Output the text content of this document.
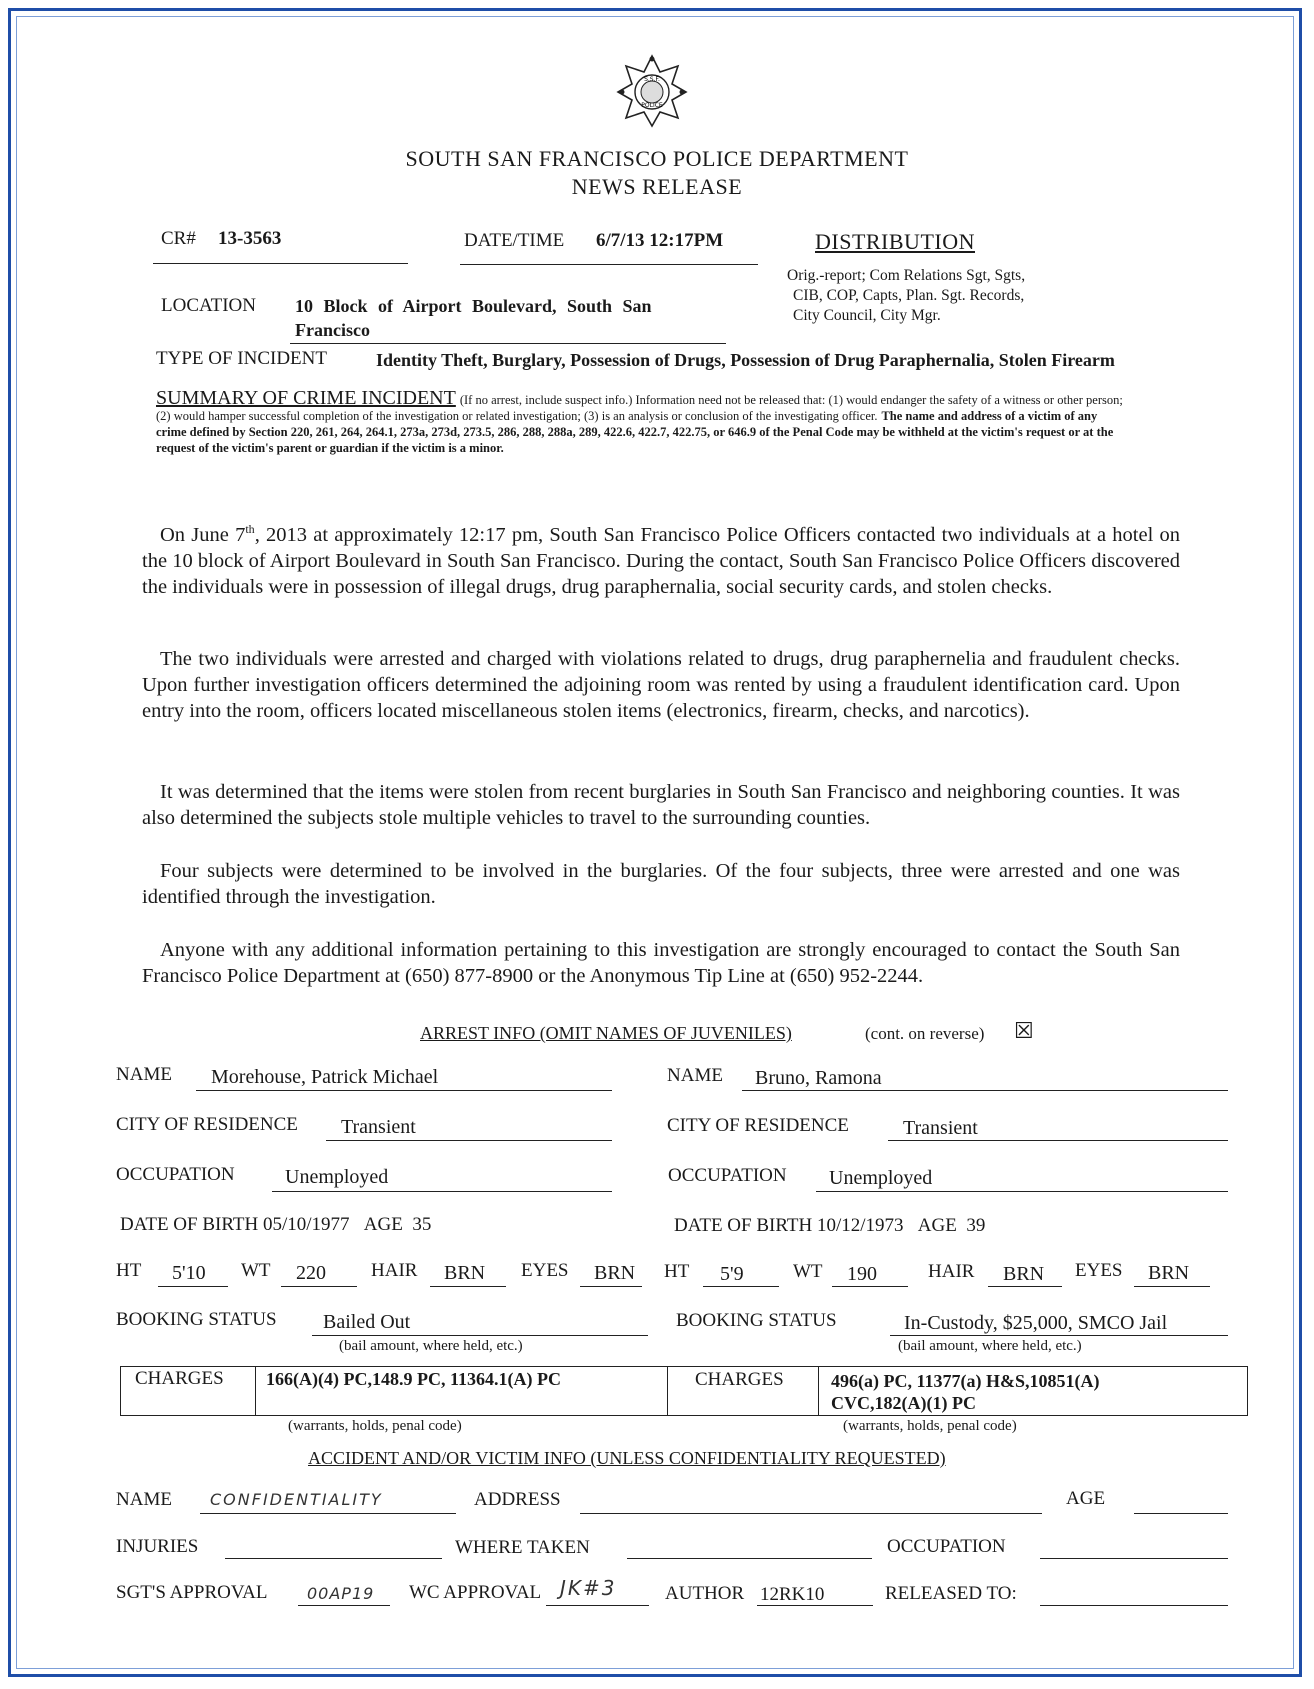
S.S.F.
POLICE
SOUTH SAN FRANCISCO POLICE DEPARTMENT
NEWS RELEASE
CR# 13-3563	DATE/TIME 6/7/13 12:17PM	DISTRIBUTION
Orig.-report; Com Relations Sgt, Sgts,
CIB, COP, Capts, Plan. Sgt. Records,
City Council, City Mgr.
LOCATION 10 Block of Airport Boulevard, South San
Francisco
TYPE OF INCIDENT	Identity Theft, Burglary, Possession of Drugs, Possession of Drug Paraphernalia, Stolen Firearm
SUMMARY OF CRIME INCIDENT (If no arrest, include suspect info.) Information need not be released that: (1) would endanger the safety of a witness or other person; (2) would hamper successful completion of the investigation or related investigation; (3) is an analysis or conclusion of the investigating officer. The name and address of a victim of any crime defined by Section 220, 261, 264, 264.1, 273a, 273d, 273.5, 286, 288, 288a, 289, 422.6, 422.7, 422.75, or 646.9 of the Penal Code may be withheld at the victim's request or at the request of the victim's parent or guardian if the victim is a minor.

On June 7th, 2013 at approximately 12:17 pm, South San Francisco Police Officers contacted two individuals at a hotel on the 10 block of Airport Boulevard in South San Francisco. During the contact, South San Francisco Police Officers discovered the individuals were in possession of illegal drugs, drug paraphernalia, social security cards, and stolen checks.

The two individuals were arrested and charged with violations related to drugs, drug paraphernelia and fraudulent checks. Upon further investigation officers determined the adjoining room was rented by using a fraudulent identification card. Upon entry into the room, officers located miscellaneous stolen items (electronics, firearm, checks, and narcotics).

It was determined that the items were stolen from recent burglaries in South San Francisco and neighboring counties. It was also determined the subjects stole multiple vehicles to travel to the surrounding counties.

Four subjects were determined to be involved in the burglaries. Of the four subjects, three were arrested and one was identified through the investigation.

Anyone with any additional information pertaining to this investigation are strongly encouraged to contact the South San Francisco Police Department at (650) 877-8900 or the Anonymous Tip Line at (650) 952-2244.

ARREST INFO (OMIT NAMES OF JUVENILES)	(cont. on reverse) ☒
NAME Morehouse, Patrick Michael
CITY OF RESIDENCE Transient
OCCUPATION	Unemployed
DATE OF BIRTH 05/10/1977 AGE 35
HT 5'10 WT 220 HAIR BRN EYES BRN
BOOKING STATUS Bailed Out
(bail amount, where held, etc.)
NAME Bruno, Ramona
CITY OF RESIDENCE	Transient
OCCUPATION Unemployed
DATE OF BIRTH 10/12/1973 AGE 39
HT 5'9	WT 190	HAIR BRN EYES BRN
BOOKING STATUS	In-Custody, $25,000, SMCO Jail
(bail amount, where held, etc.)
CHARGES 166(A)(4) PC,148.9 PC, 11364.1(A) PC	CHARGES	496(a) PC, 11377(a) H&S,10851(A)
CVC,182(A)(1) PC
(warrants, holds, penal code)	(warrants, holds, penal code)
ACCIDENT AND/OR VICTIM INFO (UNLESS CONFIDENTIALITY REQUESTED)
NAME CONFIDENTIALITY	ADDRESS	AGE
INJURIES	WHERE TAKEN	OCCUPATION
SGT'S APPROVAL 00AP19 WC APPROVAL JK#3	AUTHOR 12RK10	RELEASED TO:
